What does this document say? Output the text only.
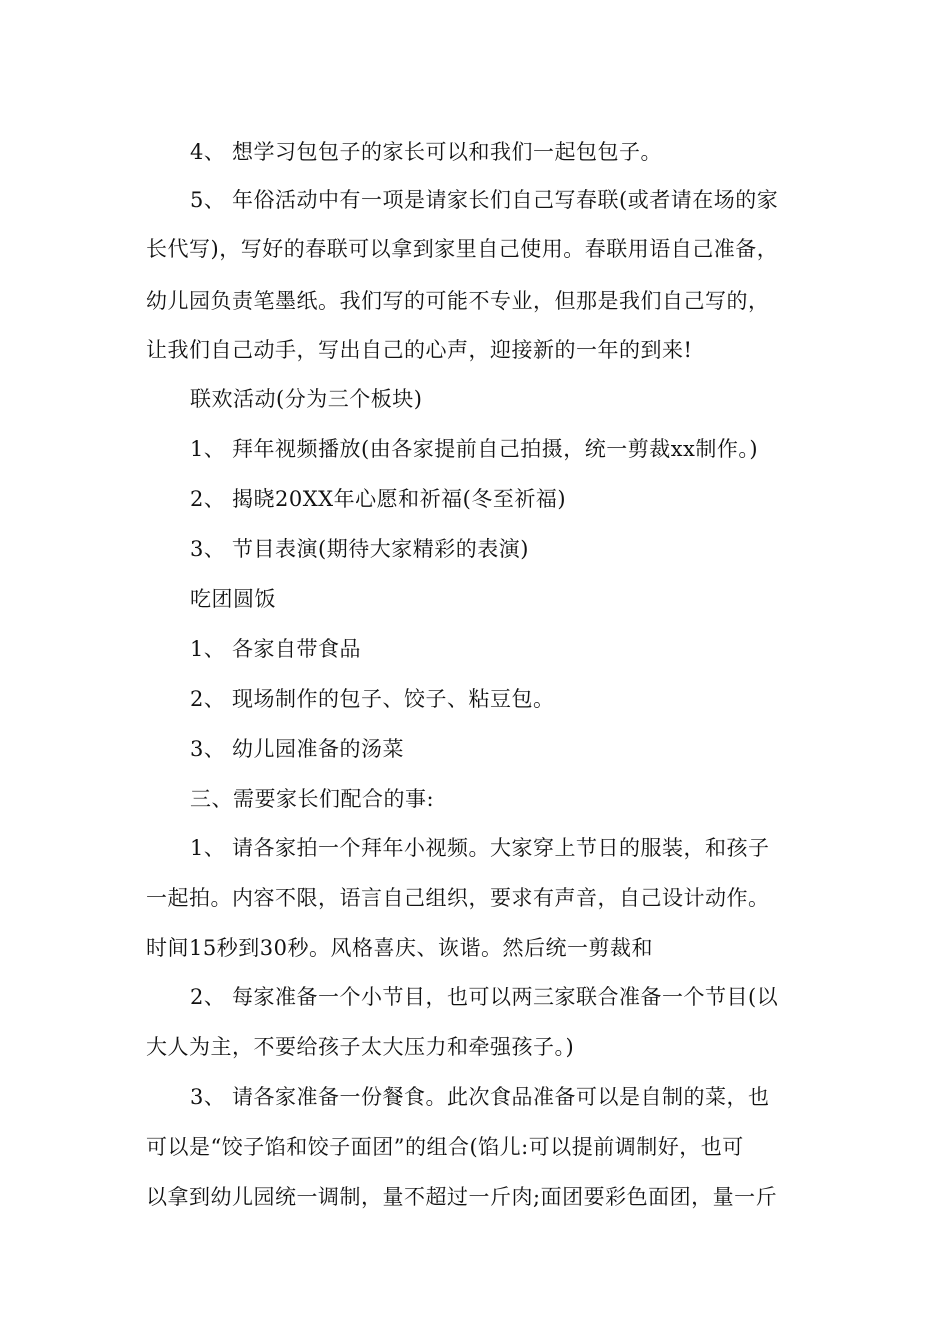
4、 想学习包包子的家长可以和我们一起包包子。
5、 年俗活动中有一项是请家长们自己写春联(或者请在场的家
长代写)，写好的春联可以拿到家里自己使用。春联用语自己准备，
幼儿园负责笔墨纸。我们写的可能不专业，但那是我们自己写的，
让我们自己动手，写出自己的心声，迎接新的一年的到来!
联欢活动(分为三个板块)
1、 拜年视频播放(由各家提前自己拍摄，统一剪裁xx制作。)
2、 揭晓20XX年心愿和祈福(冬至祈福)
3、 节目表演(期待大家精彩的表演)
吃团圆饭
1、 各家自带食品
2、 现场制作的包子、饺子、粘豆包。
3、 幼儿园准备的汤菜
三、需要家长们配合的事:
1、 请各家拍一个拜年小视频。大家穿上节日的服装，和孩子
一起拍。内容不限，语言自己组织，要求有声音，自己设计动作。
时间15秒到30秒。风格喜庆、诙谐。然后统一剪裁和
2、 每家准备一个小节目，也可以两三家联合准备一个节目(以
大人为主，不要给孩子太大压力和牵强孩子。)
3、 请各家准备一份餐食。此次食品准备可以是自制的菜，也
可以是“饺子馅和饺子面团”的组合(馅儿:可以提前调制好，也可
以拿到幼儿园统一调制，量不超过一斤肉;面团要彩色面团，量一斤
